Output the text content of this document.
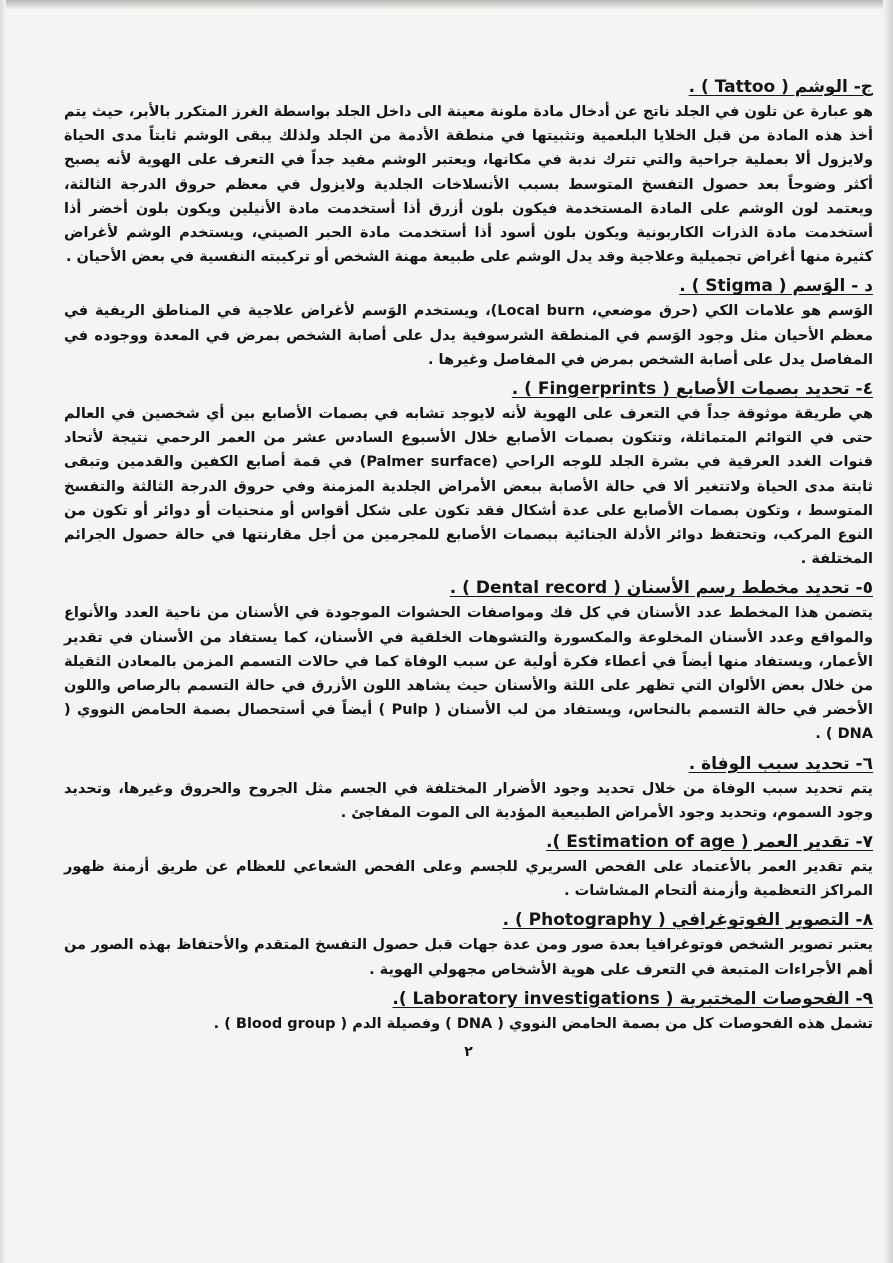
ج- الوشم ( Tattoo ) .
هو عبارة عن تلون في الجلد ناتج عن أدخال مادة ملونة معينة الى داخل الجلد بواسطة الغرز المتكرر بالأبر، حيث يتم أخذ هذه المادة من قبل الخلايا البلعمية وتثبيتها في منطقة الأدمة من الجلد ولذلك يبقى الوشم ثابتاً مدى الحياة ولايزول ألا بعملية جراحية والتي تترك ندبة في مكانها، ويعتبر الوشم مفيد جداً في التعرف على الهوية لأنه يصبح أكثر وضوحاً بعد حصول التفسخ المتوسط بسبب الأنسلاخات الجلدية ولايزول في معظم حروق الدرجة الثالثة، ويعتمد لون الوشم على المادة المستخدمة فيكون بلون أزرق أذا أستخدمت مادة الأنيلين ويكون بلون أخضر أذا أستخدمت مادة الذرات الكاربونية ويكون بلون أسود أذا أستخدمت مادة الحبر الصيني، ويستخدم الوشم لأغراض كثيرة منها أغراض تجميلية وعلاجية وقد يدل الوشم على طبيعة مهنة الشخص أو تركيبته النفسية في بعض الأحيان .
د - الوَسم ( Stigma ) .
الوَسم هو علامات الكي (حرق موضعي، Local burn)، ويستخدم الوَسم لأغراض علاجية في المناطق الريفية في معظم الأحيان مثل وجود الوَسم في المنطقة الشرسوفية يدل على أصابة الشخص بمرض في المعدة ووجوده في المفاصل يدل على أصابة الشخص بمرض في المفاصل وغيرها .
٤- تحديد بصمات الأصابع ( Fingerprints ) .
هي طريقة موثوقة جداً في التعرف على الهوية لأنه لايوجد تشابه في بصمات الأصابع بين أي شخصين في العالم حتى في التوائم المتماثلة، وتتكون بصمات الأصابع خلال الأسبوع السادس عشر من العمر الرحمي نتيجة لأتحاد قنوات الغدد العرقية في بشرة الجلد للوجه الراحي (Palmer surface) في قمة أصابع الكفين والقدمين وتبقى ثابتة مدى الحياة ولاتتغير ألا في حالة الأصابة ببعض الأمراض الجلدية المزمنة وفي حروق الدرجة الثالثة والتفسخ المتوسط ، وتكون بصمات الأصابع على عدة أشكال فقد تكون على شكل أقواس أو منحنيات أو دوائر أو تكون من النوع المركب، وتحتفظ دوائر الأدلة الجنائية ببصمات الأصابع للمجرمين من أجل مقارنتها في حالة حصول الجرائم المختلفة .
٥- تحديد مخطط رسم الأسنان ( Dental record ) .
يتضمن هذا المخطط عدد الأسنان في كل فك ومواصفات الحشوات الموجودة في الأسنان من ناحية العدد والأنواع والمواقع وعدد الأسنان المخلوعة والمكسورة والتشوهات الخلقية في الأسنان، كما يستفاد من الأسنان في تقدير الأعمار، ويستفاد منها أيضاً في أعطاء فكرة أولية عن سبب الوفاة كما في حالات التسمم المزمن بالمعادن الثقيلة من خلال بعض الألوان التي تظهر على اللثة والأسنان حيث يشاهد اللون الأزرق في حالة التسمم بالرصاص واللون الأخضر في حالة التسمم بالنحاس، ويستفاد من لب الأسنان ( Pulp ) أيضاً في أستحصال بصمة الحامض النووي ( DNA ) .
٦- تحديد سبب الوفاة .
يتم تحديد سبب الوفاة من خلال تحديد وجود الأضرار المختلفة في الجسم مثل الجروح والحروق وغيرها، وتحديد وجود السموم، وتحديد وجود الأمراض الطبيعية المؤدية الى الموت المفاجئ .
٧- تقدير العمر ( Estimation of age ).
يتم تقدير العمر بالأعتماد على الفحص السريري للجسم وعلى الفحص الشعاعي للعظام عن طريق أزمنة ظهور المراكز التعظمية وأزمنة ألتحام المشاشات .
٨- التصوير الفوتوغرافي ( Photography ) .
يعتبر تصوير الشخص فوتوغرافيا بعدة صور ومن عدة جهات قبل حصول التفسخ المتقدم والأحتفاظ بهذه الصور من أهم الأجراءات المتبعة في التعرف على هوية الأشخاص مجهولي الهوية .
٩- الفحوصات المختبرية ( Laboratory investigations ).
تشمل هذه الفحوصات كل من بصمة الحامض النووي ( DNA ) وفصيلة الدم ( Blood group ) .
٢
